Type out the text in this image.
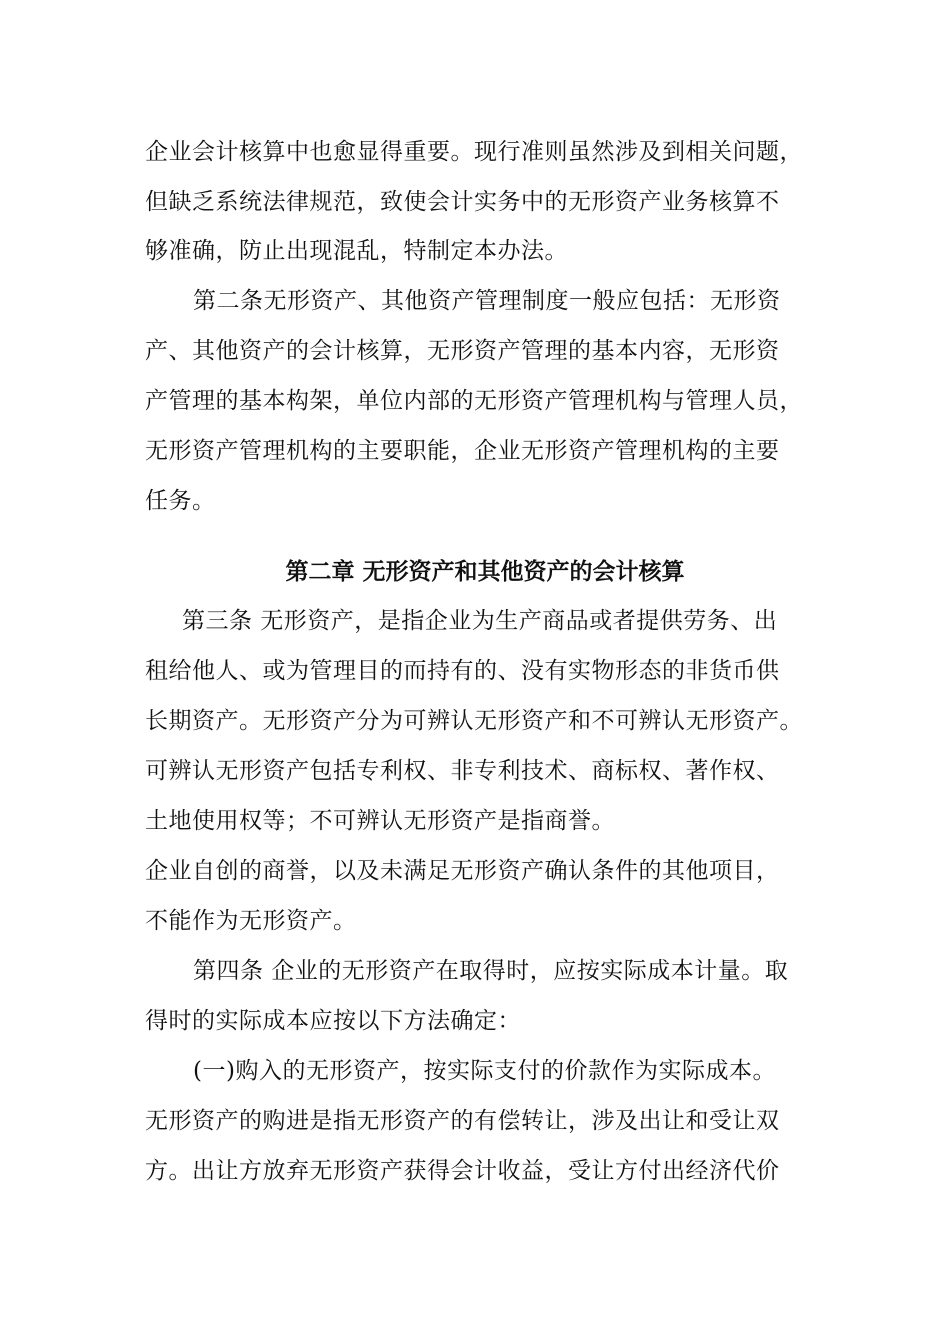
企业会计核算中也愈显得重要。现行准则虽然涉及到相关问题，
但缺乏系统法律规范，致使会计实务中的无形资产业务核算不
够准确，防止出现混乱，特制定本办法。
第二条无形资产、其他资产管理制度一般应包括：无形资
产、其他资产的会计核算，无形资产管理的基本内容，无形资
产管理的基本构架，单位内部的无形资产管理机构与管理人员，
无形资产管理机构的主要职能，企业无形资产管理机构的主要
任务。
第二章 无形资产和其他资产的会计核算
第三条 无形资产，是指企业为生产商品或者提供劳务、出
租给他人、或为管理目的而持有的、没有实物形态的非货币供
长期资产。无形资产分为可辨认无形资产和不可辨认无形资产。
可辨认无形资产包括专利权、非专利技术、商标权、著作权、
土地使用权等；不可辨认无形资产是指商誉。
企业自创的商誉，以及未满足无形资产确认条件的其他项目，
不能作为无形资产。
第四条 企业的无形资产在取得时，应按实际成本计量。取
得时的实际成本应按以下方法确定：
(一)购入的无形资产，按实际支付的价款作为实际成本。
无形资产的购进是指无形资产的有偿转让，涉及出让和受让双
方。出让方放弃无形资产获得会计收益，受让方付出经济代价
